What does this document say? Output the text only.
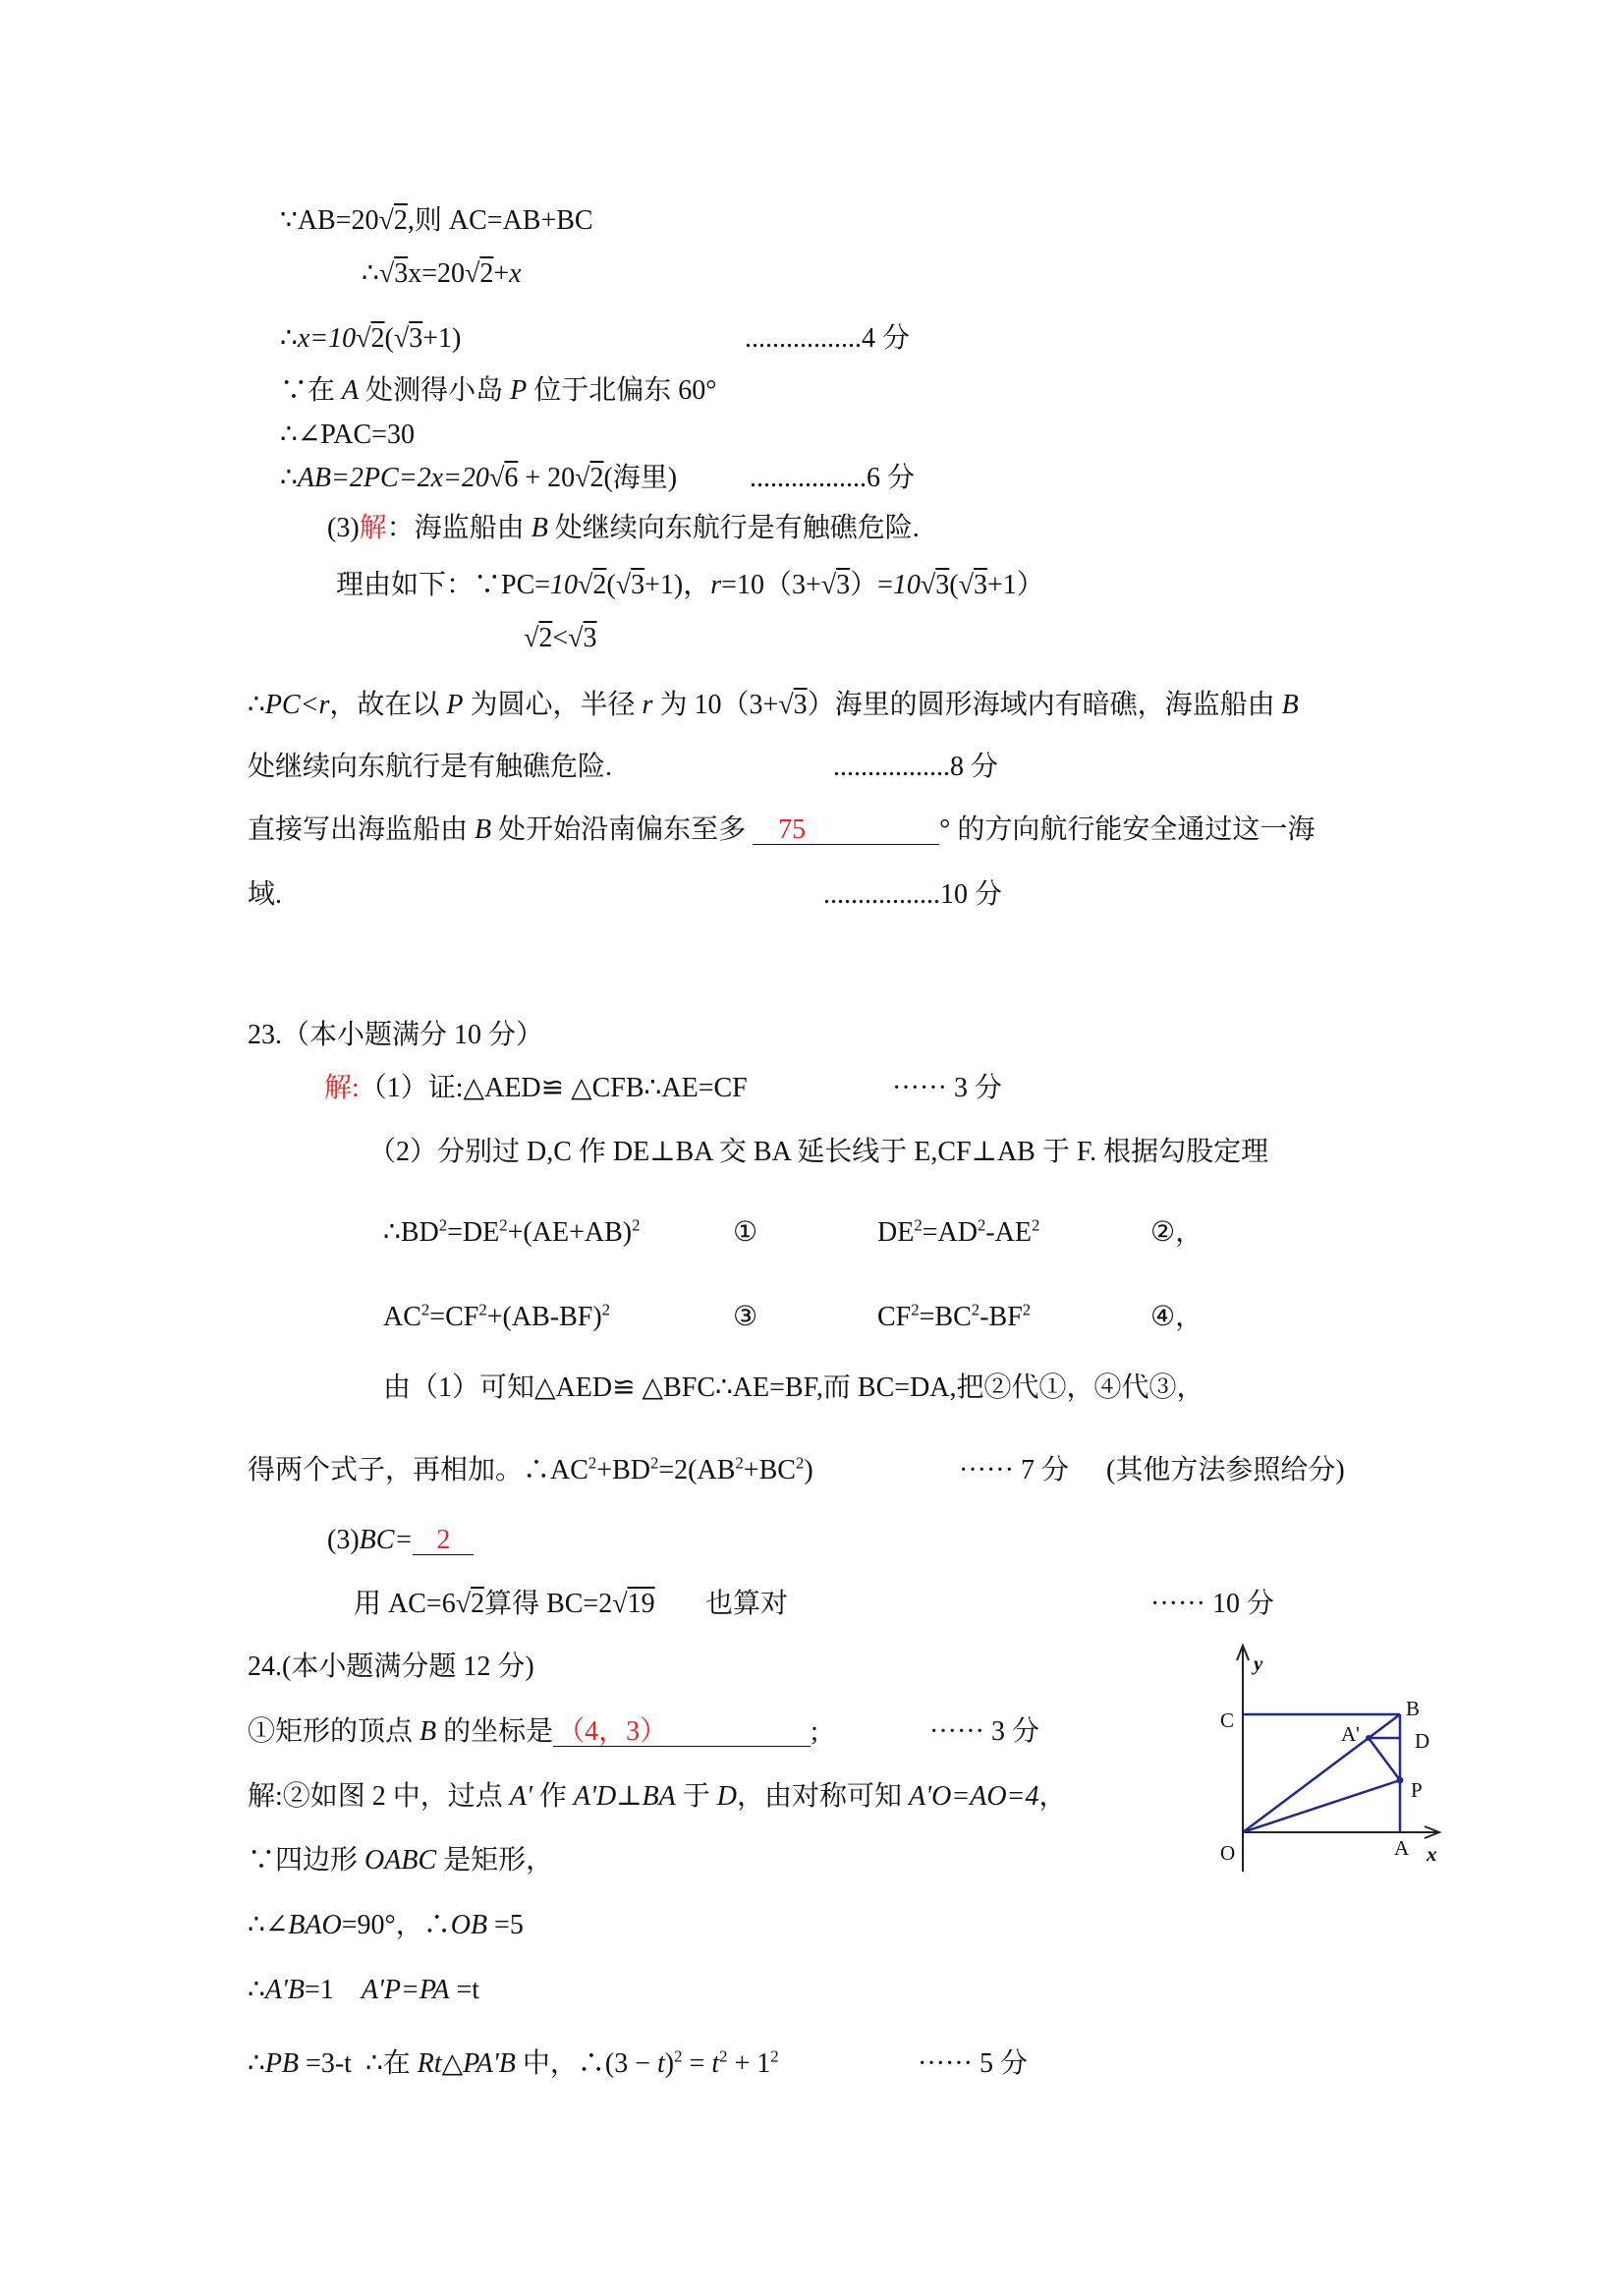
∵AB=20√2,则 AC=AB+BC
∴√3x=20√2+x
∴x=10√2(√3+1)	.................4 分
∵在 A 处测得小岛 P 位于北偏东 60°
∴∠PAC=30
∴AB=2PC=2x=20√6 + 20√2(海里)	.................6 分
(3)解：海监船由 B 处继续向东航行是有触礁危险.
理由如下：∵PC=10√2(√3+1)，r=10（3+√3）=10√3(√3+1）
√2<√3
∴PC<r，故在以 P 为圆心，半径 r 为 10（3+√3）海里的圆形海域内有暗礁，海监船由 B
处继续向东航行是有触礁危险.	.................8 分
直接写出海监船由 B 处开始沿南偏东至多 75	° 的方向航行能安全通过这一海
域.	.................10 分
23.（本小题满分 10 分）
解:（1）证:△AED≌ △CFB∴AE=CF	······ 3 分
（2）分别过 D,C 作 DE⊥BA 交 BA 延长线于 E,CF⊥AB 于 F. 根据勾股定理
$\therefore BD^2=DE^2+(AE+AB)^2$	①	$DE^2=AD^2-AE^2$	②，
$AC^2=CF^2+(AB-BF)^2$	③	$CF^2=BC^2-BF^2$	④，
由（1）可知△AED≌ △BFC∴AE=BF,而 BC=DA,把②代①，④代③，
得两个式子，再相加。$\therefore AC^2+BD^2=2(AB^2+BC^2)$	······ 7 分 (其他方法参照给分)
(3)BC= 2
用 AC=6√2算得 BC=2√19 也算对	······ 10 分
24.(本小题满分题 12 分)
①矩形的顶点 B 的坐标是 （4，3）	;	······ 3 分
解:②如图 2 中，过点 A' 作 A'D⊥BA 于 D，由对称可知 A'O=AO=4，
∵四边形 OABC 是矩形，
∴∠BAO=90°，∴OB =5
∴A'B=1    A'P=PA =t
∴PB =3-t  ∴在 Rt△PA'B 中，∴(3 − $t)^2 = t^2 + 1^2$	······ 5 分
y
x
C	B
A'	D
P
O	A
